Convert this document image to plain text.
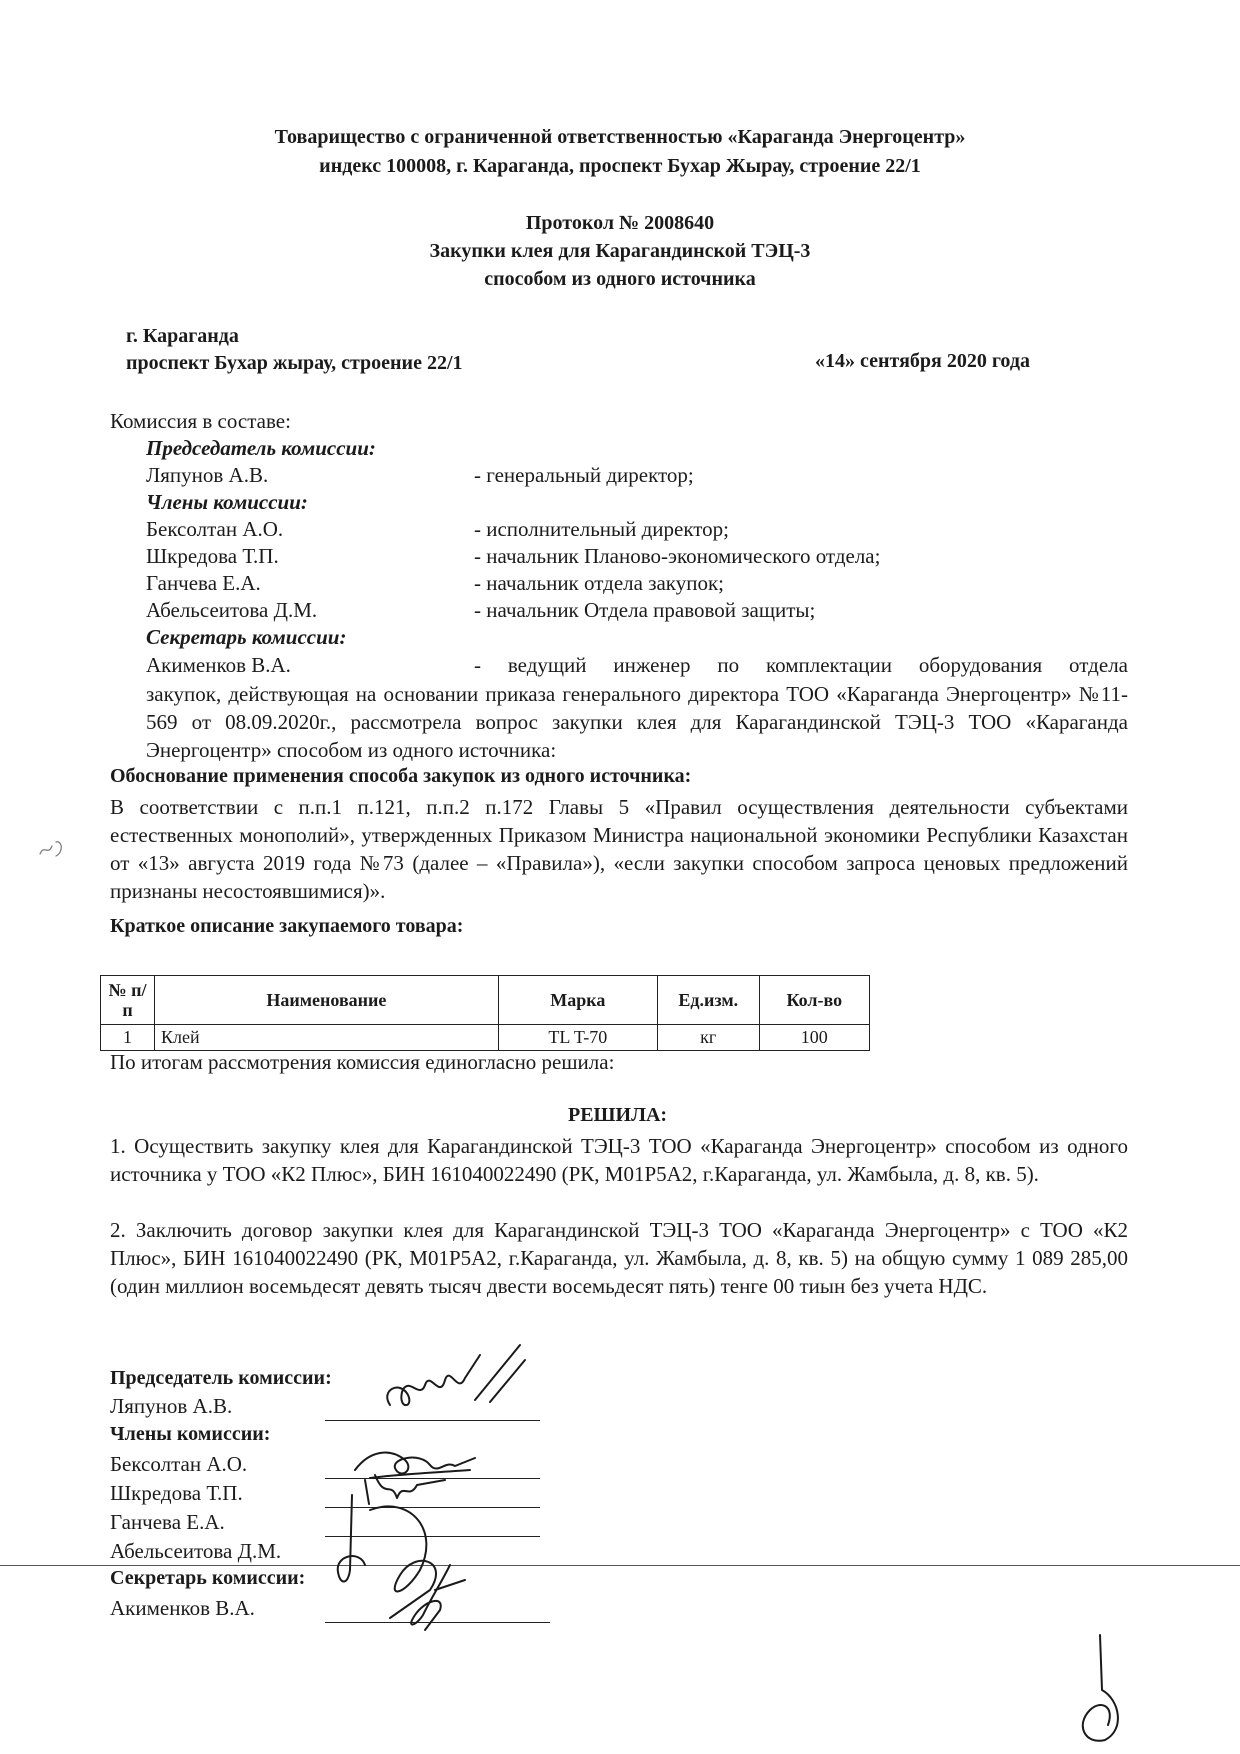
Товарищество с ограниченной ответственностью «Караганда Энергоцентр»
индекс 100008, г. Караганда, проспект Бухар Жырау, строение 22/1
Протокол № 2008640
Закупки клея для Карагандинской ТЭЦ-3
способом из одного источника
г. Караганда
проспект Бухар жырау, строение 22/1	«14» сентября 2020 года
Комиссия в составе:
Председатель комиссии:
Ляпунов А.В.	- генеральный директор;
Члены комиссии:
Бексолтан А.О.	- исполнительный директор;
Шкредова Т.П.	- начальник Планово-экономического отдела;
Ганчева Е.А.	- начальник отдела закупок;
Абельсеитова Д.М.	- начальник Отдела правовой защиты;
Секретарь комиссии:
Акименков В.А.	- ведущий инженер по комплектации оборудования отдела
закупок, действующая на основании приказа генерального директора ТОО «Караганда Энергоцентр» №11-569 от 08.09.2020г., рассмотрела вопрос закупки клея для Карагандинской ТЭЦ-3 ТОО «Караганда Энергоцентр» способом из одного источника:
Обоснование применения способа закупок из одного источника:
В соответствии с п.п.1 п.121, п.п.2 п.172 Главы 5 «Правил осуществления деятельности субъектами естественных монополий», утвержденных Приказом Министра национальной экономики Республики Казахстан от «13» августа 2019 года №73 (далее – «Правила»), «если закупки способом запроса ценовых предложений признаны несостоявшимися)».
Краткое описание закупаемого товара:
№ п/п	Наименование	Марка	Ед.изм.	Кол-во
1	Клей	TL T-70	кг	100
По итогам рассмотрения комиссия единогласно решила:
РЕШИЛА:
1. Осуществить закупку клея для Карагандинской ТЭЦ-3 ТОО «Караганда Энергоцентр» способом из одного источника у ТОО «К2 Плюс», БИН 161040022490 (РК, M01P5A2, г.Караганда, ул. Жамбыла, д. 8, кв. 5).
2. Заключить договор закупки клея для Карагандинской ТЭЦ-3 ТОО «Караганда Энергоцентр» с ТОО «К2 Плюс», БИН 161040022490 (РК, M01P5A2, г.Караганда, ул. Жамбыла, д. 8, кв. 5) на общую сумму 1 089 285,00 (один миллион восемьдесят девять тысяч двести восемьдесят пять) тенге 00 тиын без учета НДС.
Председатель комиссии:
Ляпунов А.В.
Члены комиссии:
Бексолтан А.О.
Шкредова Т.П.
Ганчева Е.А.
Абельсеитова Д.М.
Секретарь комиссии:
Акименков В.А.
